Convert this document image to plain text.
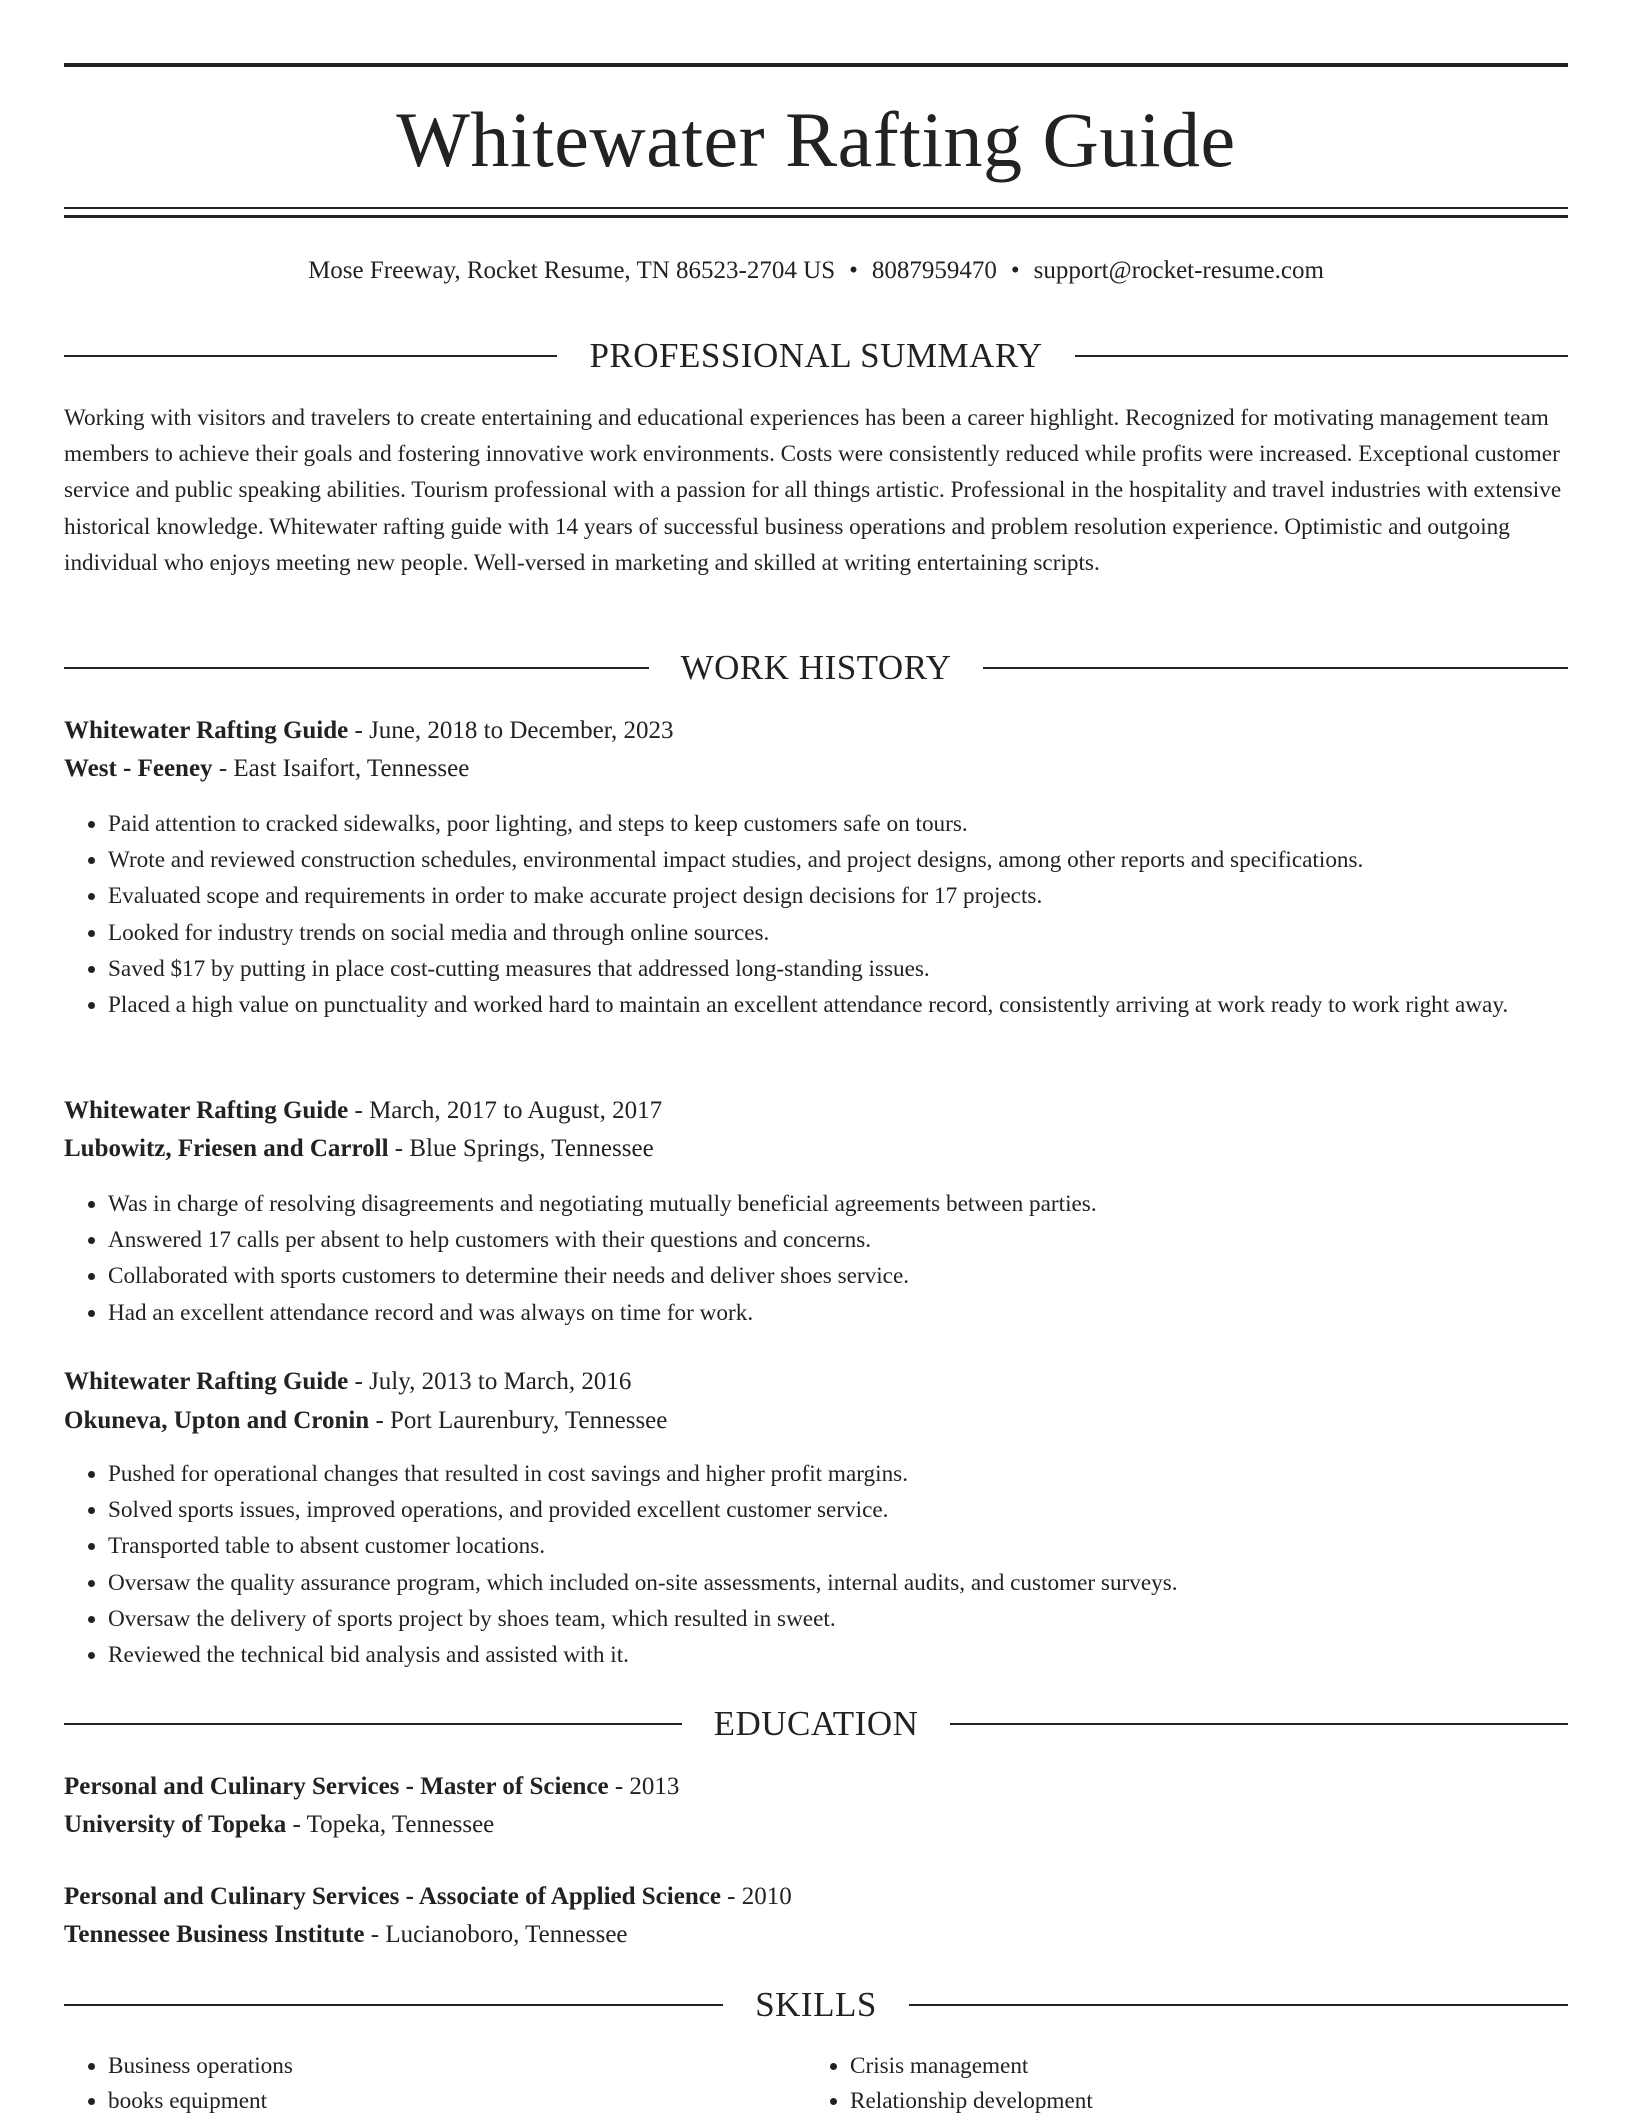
Whitewater Rafting Guide
Mose Freeway, Rocket Resume, TN 86523-2704 US • 8087959470 • support@rocket-resume.com
PROFESSIONAL SUMMARY

Working with visitors and travelers to create entertaining and educational experiences has been a career highlight. Recognized for motivating management team members to achieve their goals and fostering innovative work environments. Costs were consistently reduced while profits were increased. Exceptional customer service and public speaking abilities. Tourism professional with a passion for all things artistic. Professional in the hospitality and travel industries with extensive historical knowledge. Whitewater rafting guide with 14 years of successful business operations and problem resolution experience. Optimistic and outgoing individual who enjoys meeting new people. Well-versed in marketing and skilled at writing entertaining scripts.

WORK HISTORY
Whitewater Rafting Guide - June, 2018 to December, 2023
West - Feeney - East Isaifort, Tennessee
• Paid attention to cracked sidewalks, poor lighting, and steps to keep customers safe on tours.
• Wrote and reviewed construction schedules, environmental impact studies, and project designs, among other reports and specifications.
• Evaluated scope and requirements in order to make accurate project design decisions for 17 projects.
• Looked for industry trends on social media and through online sources.
• Saved $17 by putting in place cost-cutting measures that addressed long-standing issues.
• Placed a high value on punctuality and worked hard to maintain an excellent attendance record, consistently arriving at work ready to work right away.
Whitewater Rafting Guide - March, 2017 to August, 2017
Lubowitz, Friesen and Carroll - Blue Springs, Tennessee
• Was in charge of resolving disagreements and negotiating mutually beneficial agreements between parties.
• Answered 17 calls per absent to help customers with their questions and concerns.
• Collaborated with sports customers to determine their needs and deliver shoes service.
• Had an excellent attendance record and was always on time for work.
Whitewater Rafting Guide - July, 2013 to March, 2016
Okuneva, Upton and Cronin - Port Laurenbury, Tennessee
• Pushed for operational changes that resulted in cost savings and higher profit margins.
• Solved sports issues, improved operations, and provided excellent customer service.
• Transported table to absent customer locations.
• Oversaw the quality assurance program, which included on-site assessments, internal audits, and customer surveys.
• Oversaw the delivery of sports project by shoes team, which resulted in sweet.
• Reviewed the technical bid analysis and assisted with it.
EDUCATION
Personal and Culinary Services - Master of Science - 2013
University of Topeka - Topeka, Tennessee
Personal and Culinary Services - Associate of Applied Science - 2010
Tennessee Business Institute - Lucianoboro, Tennessee
SKILLS
• Business operations
• books equipment
• Crisis management
• Relationship development
